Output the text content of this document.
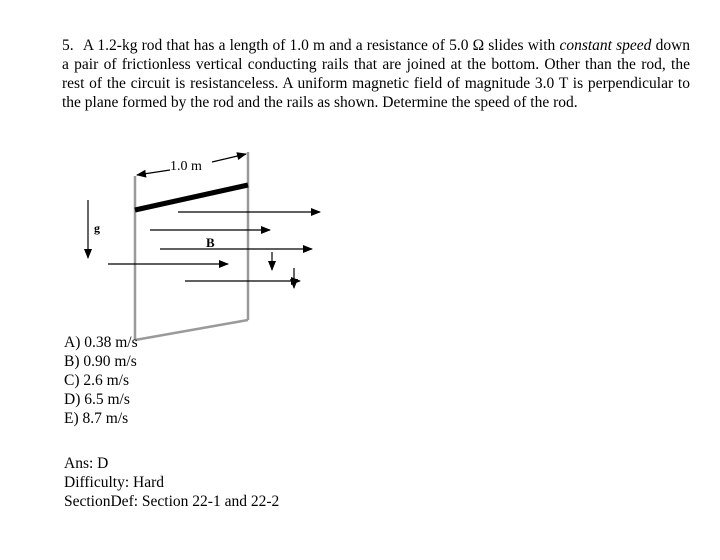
5. A 1.2-kg rod that has a length of 1.0 m and a resistance of 5.0 Ω slides with constant speed down a pair of frictionless vertical conducting rails that are joined at the bottom. Other than the rod, the rest of the circuit is resistanceless. A uniform magnetic field of magnitude 3.0 T is perpendicular to the plane formed by the rod and the rails as shown. Determine the speed of the rod.
1.0 m
B
g
A) 0.38 m/s
B) 0.90 m/s
C) 2.6 m/s
D) 6.5 m/s
E) 8.7 m/s
Ans: D
Difficulty: Hard
SectionDef: Section 22-1 and 22-2
